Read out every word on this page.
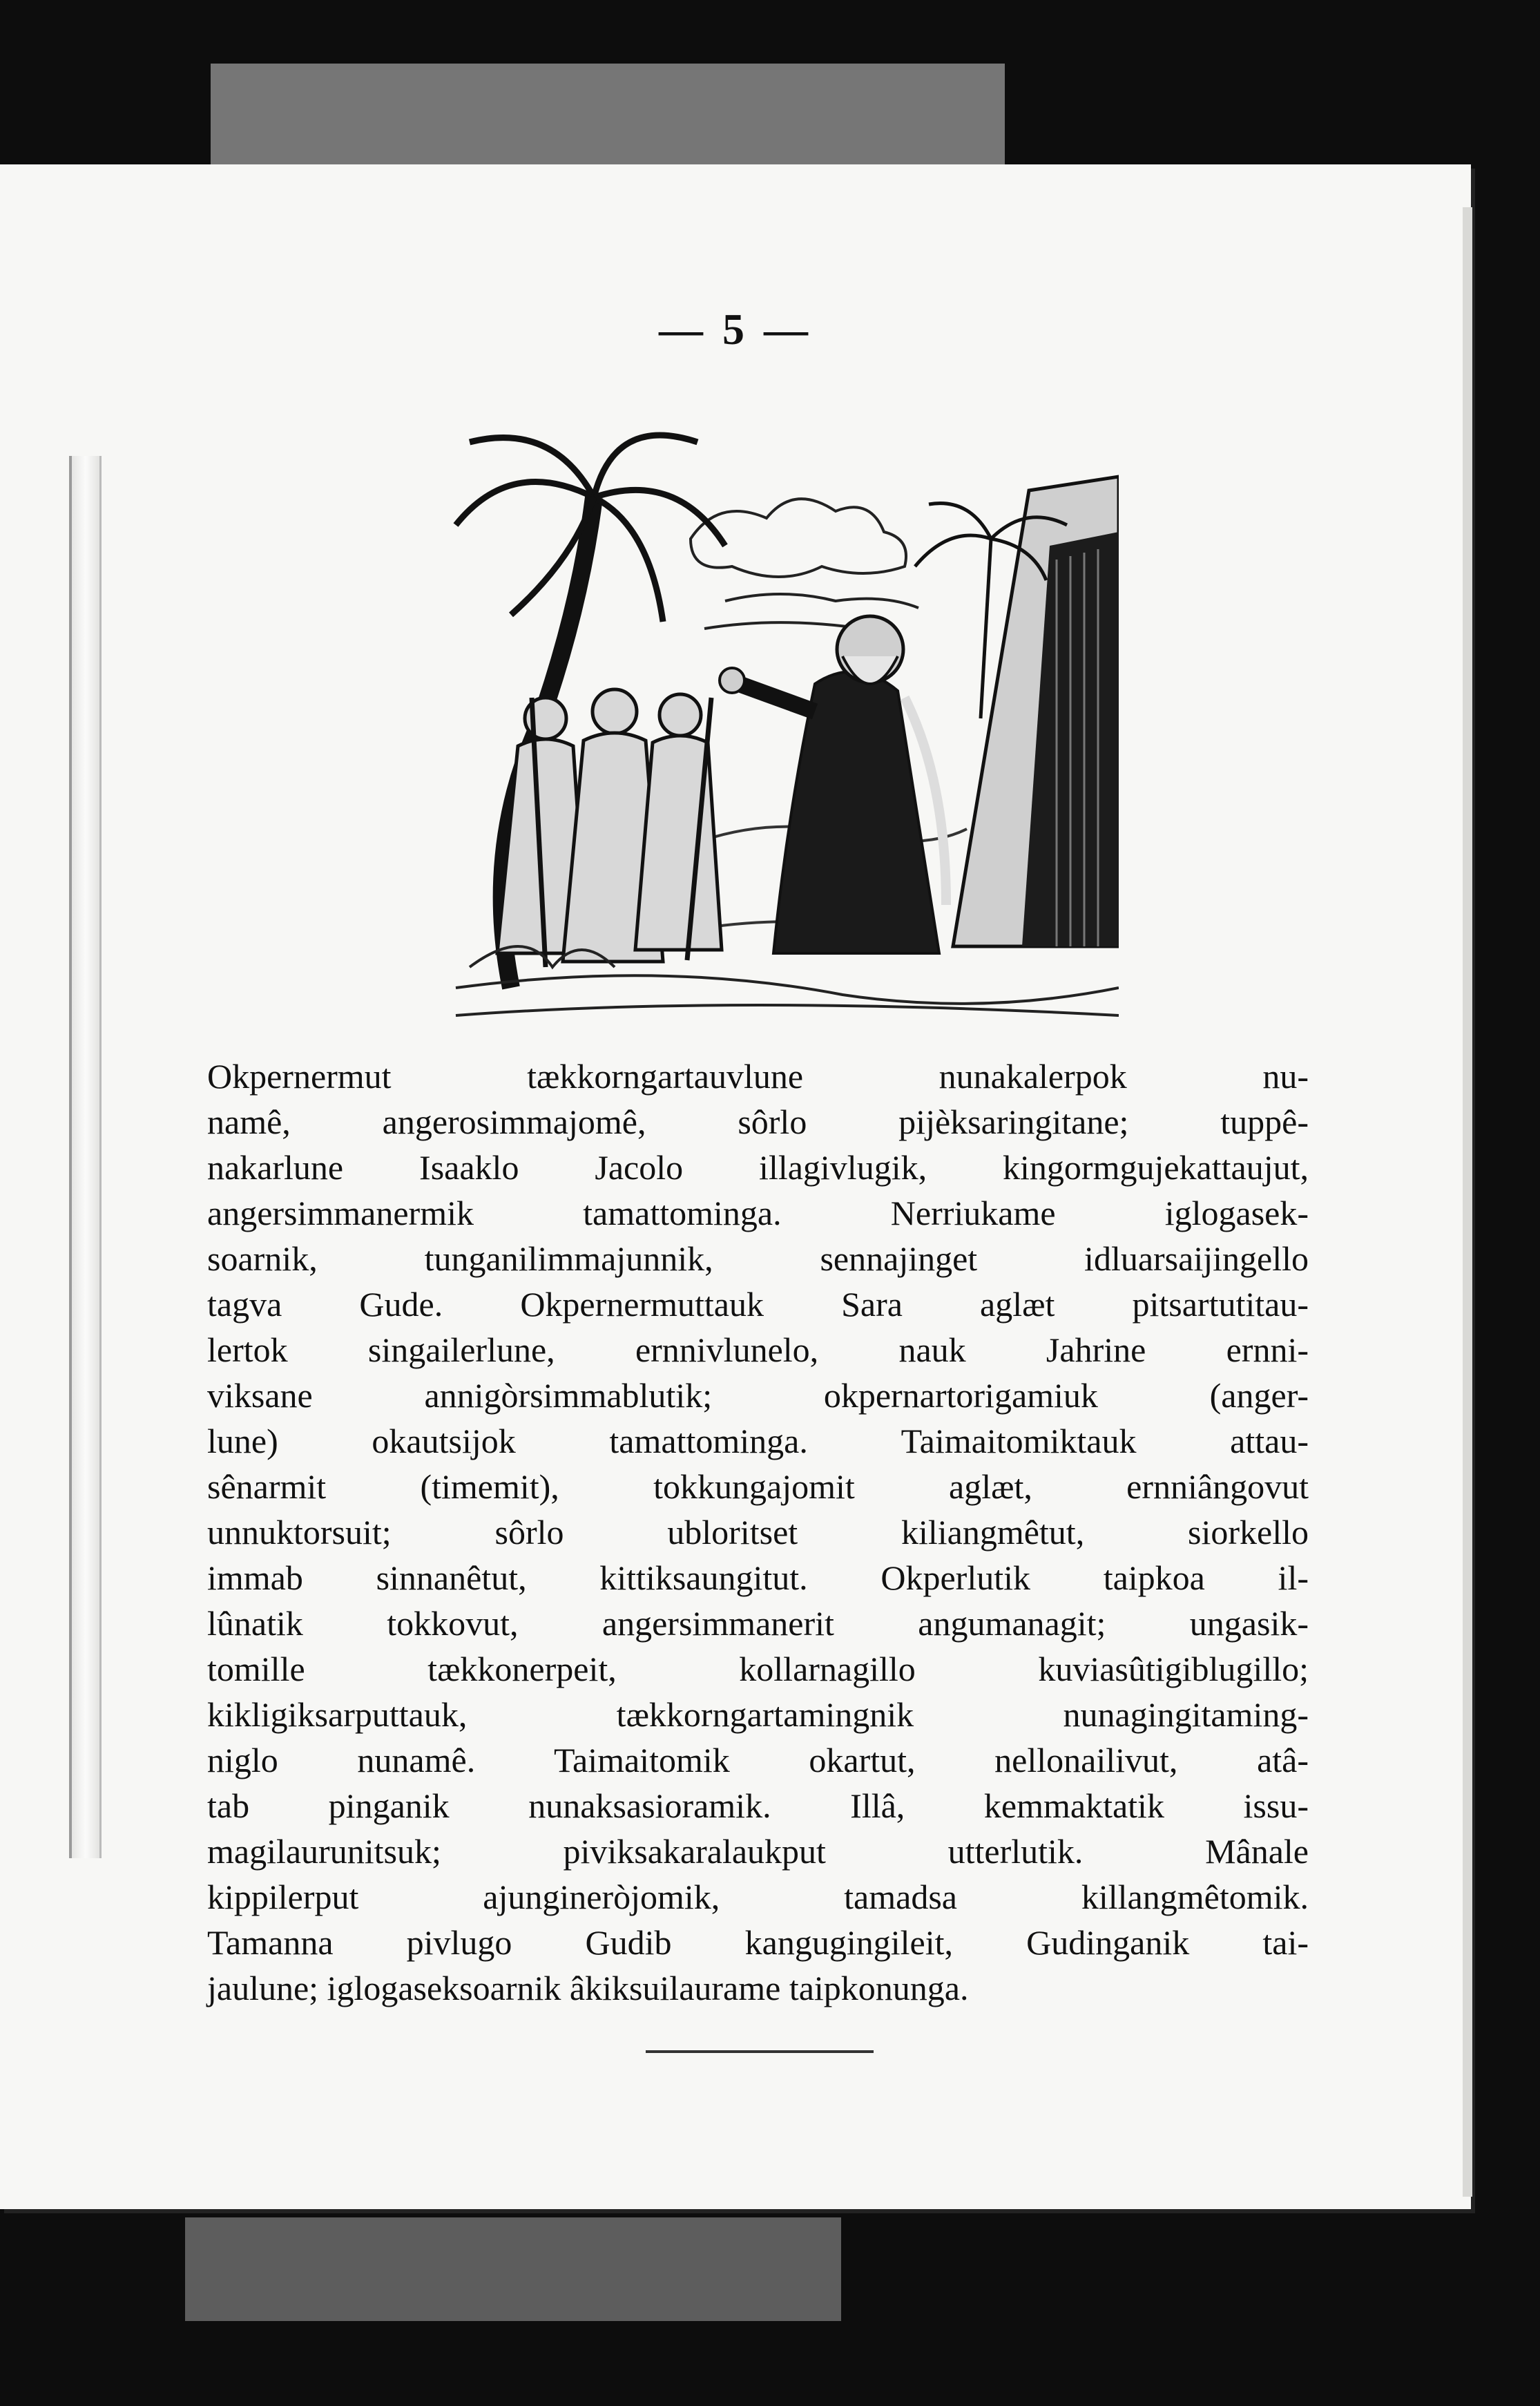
— 5 —
Okpernermut tækkorngartauvlune nunakalerpok nu-
namê, angerosimmajomê, sôrlo pijèksaringitane; tuppê-
nakarlune Isaaklo Jacolo illagivlugik, kingormgujekattaujut,
angersimmanermik tamattominga. Nerriukame iglogasek-
soarnik, tunganilimmajunnik, sennajinget idluarsaijingello
tagva Gude. Okpernermuttauk Sara aglæt pitsartutitau-
lertok singailerlune, ernnivlunelo, nauk Jahrine ernni-
viksane annigòrsimmablutik; okpernartorigamiuk (anger-
lune) okautsijok tamattominga. Taimaitomiktauk attau-
sênarmit (timemit), tokkungajomit aglæt, ernniângovut
unnuktorsuit; sôrlo ubloritset kiliangmêtut, siorkello
immab sinnanêtut, kittiksaungitut. Okperlutik taipkoa il-
lûnatik tokkovut, angersimmanerit angumanagit; ungasik-
tomille tækkonerpeit, kollarnagillo kuviasûtigiblugillo;
kikligiksarputtauk, tækkorngartamingnik nunagingitaming-
niglo nunamê. Taimaitomik okartut, nellonailivut, atâ-
tab pinganik nunaksasioramik. Illâ, kemmaktatik issu-
magilaurunitsuk; piviksakaralaukput utterlutik. Mânale
kippilerput ajungineròjomik, tamadsa killangmêtomik.
Tamanna pivlugo Gudib kangugingileit, Gudinganik tai-
jaulune; iglogaseksoarnik âkiksuilaurame taipkonunga.
